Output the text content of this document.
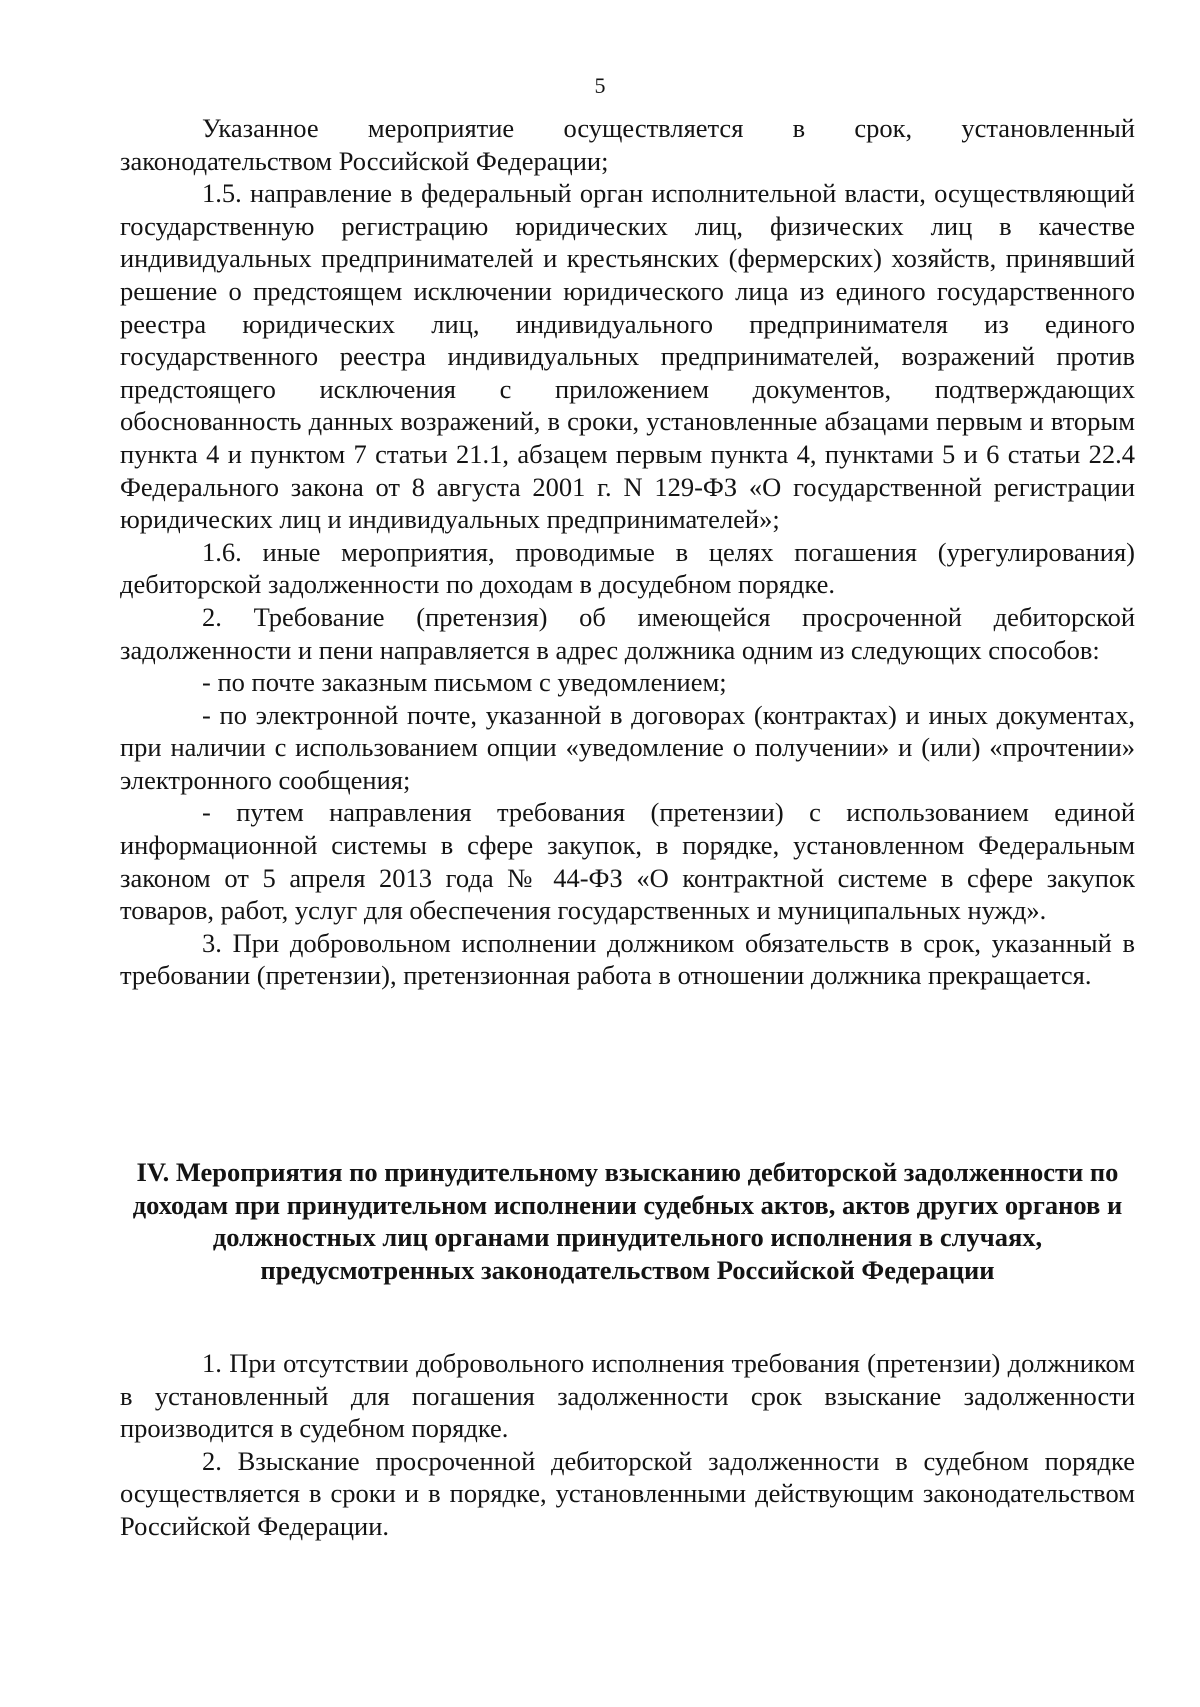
5

Указанное мероприятие осуществляется в срок, установленный законодательством Российской Федерации;

1.5. направление в федеральный орган исполнительной власти, осуществляющий государственную регистрацию юридических лиц, физических лиц в качестве индивидуальных предпринимателей и крестьянских (фермерских) хозяйств, принявший решение о предстоящем исключении юридического лица из единого государственного реестра юридических лиц, индивидуального предпринимателя из единого государственного реестра индивидуальных предпринимателей, возражений против предстоящего исключения с приложением документов, подтверждающих обоснованность данных возражений, в сроки, установленные абзацами первым и вторым пункта 4 и пунктом 7 статьи 21.1, абзацем первым пункта 4, пунктами 5 и 6 статьи 22.4 Федерального закона от 8 августа 2001 г. N 129-ФЗ «О государственной регистрации юридических лиц и индивидуальных предпринимателей»;

1.6. иные мероприятия, проводимые в целях погашения (урегулирования) дебиторской задолженности по доходам в досудебном порядке.

2. Требование (претензия) об имеющейся просроченной дебиторской задолженности и пени направляется в адрес должника одним из следующих способов:

- по почте заказным письмом с уведомлением;

- по электронной почте, указанной в договорах (контрактах) и иных документах, при наличии с использованием опции «уведомление о получении» и (или) «прочтении» электронного сообщения;

- путем направления требования (претензии) с использованием единой информационной системы в сфере закупок, в порядке, установленном Федеральным законом от 5 апреля 2013 года № 44-ФЗ «О контрактной системе в сфере закупок товаров, работ, услуг для обеспечения государственных и муниципальных нужд».

3. При добровольном исполнении должником обязательств в срок, указанный в требовании (претензии), претензионная работа в отношении должника прекращается.

IV. Мероприятия по принудительному взысканию дебиторской задолженности по доходам при принудительном исполнении судебных актов, актов других органов и должностных лиц органами принудительного исполнения в случаях, предусмотренных законодательством Российской Федерации

1. При отсутствии добровольного исполнения требования (претензии) должником в установленный для погашения задолженности срок взыскание задолженности производится в судебном порядке.

2. Взыскание просроченной дебиторской задолженности в судебном порядке осуществляется в сроки и в порядке, установленными действующим законодательством Российской Федерации.
